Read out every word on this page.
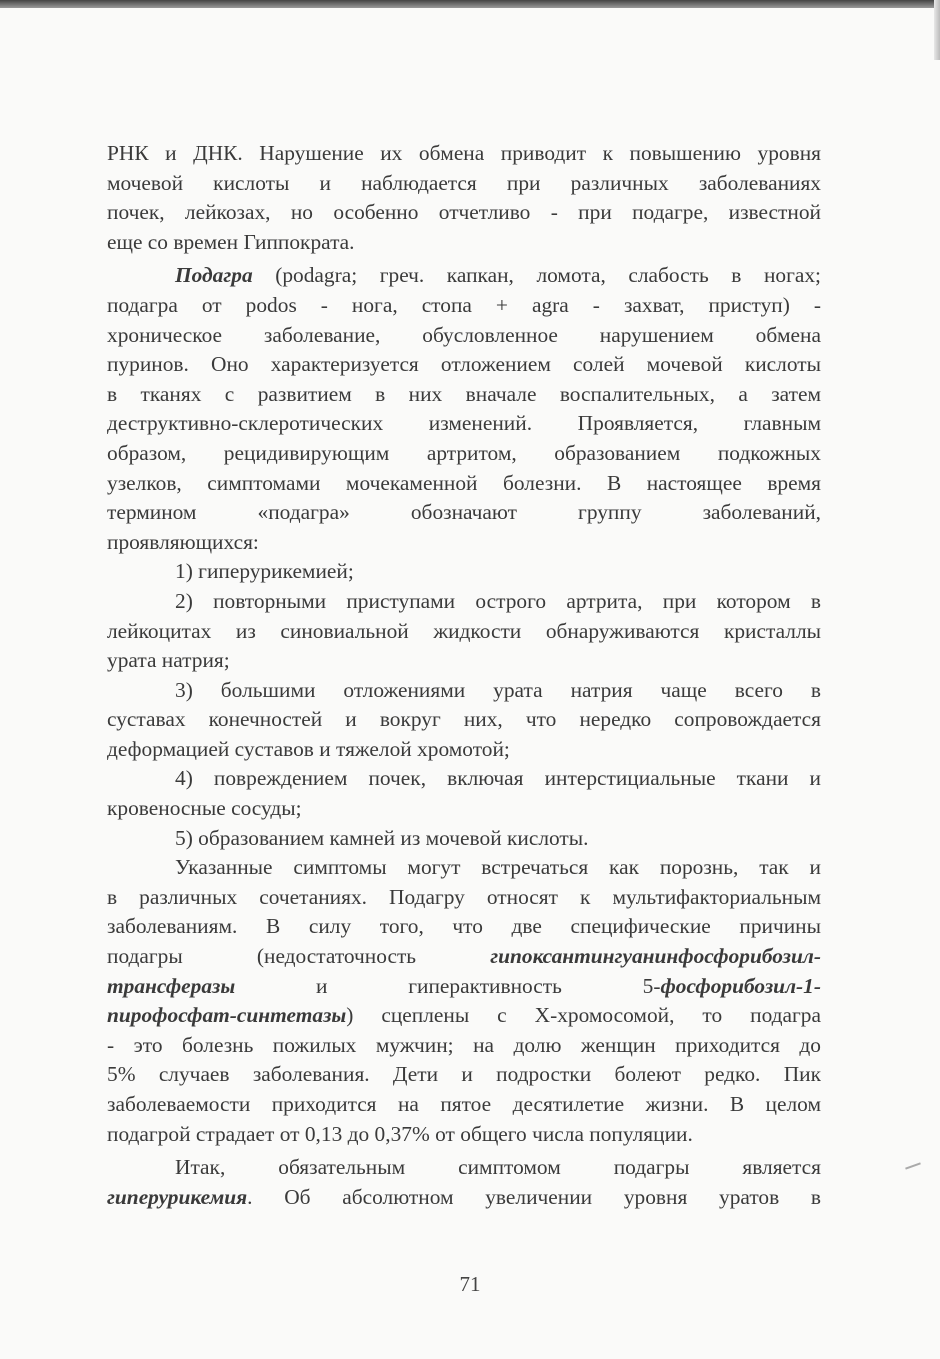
РНК и ДНК. Нарушение их обмена приводит к повышению уровня
мочевой кислоты и наблюдается при различных заболеваниях
почек, лейкозах, но особенно отчетливо - при подагре, известной
еще со времен Гиппократа.
Подагра (podagra; греч. капкан, ломота, слабость в ногах;
подагра от podos - нога, стопа + agra - захват, приступ) -
хроническое заболевание, обусловленное нарушением обмена
пуринов. Оно характеризуется отложением солей мочевой кислоты
в тканях с развитием в них вначале воспалительных, а затем
деструктивно-склеротических изменений. Проявляется, главным
образом, рецидивирующим артритом, образованием подкожных
узелков, симптомами мочекаменной болезни. В настоящее время
термином «подагра» обозначают группу заболеваний,
проявляющихся:
1) гиперурикемией;
2) повторными приступами острого артрита, при котором в
лейкоцитах из синовиальной жидкости обнаруживаются кристаллы
урата натрия;
3) большими отложениями урата натрия чаще всего в
суставах конечностей и вокруг них, что нередко сопровождается
деформацией суставов и тяжелой хромотой;
4) повреждением почек, включая интерстициальные ткани и
кровеносные сосуды;
5) образованием камней из мочевой кислоты.
Указанные симптомы могут встречаться как порознь, так и
в различных сочетаниях. Подагру относят к мультифакториальным
заболеваниям. В силу того, что две специфические причины
подагры (недостаточность гипоксантингуанинфосфорибозил-
трансферазы и гиперактивность 5-фосфорибозил-1-
пирофосфат-синтетазы) сцеплены с Х-хромосомой, то подагра
- это болезнь пожилых мужчин; на долю женщин приходится до
5% случаев заболевания. Дети и подростки болеют редко. Пик
заболеваемости приходится на пятое десятилетие жизни. В целом
подагрой страдает от 0,13 до 0,37% от общего числа популяции.
Итак, обязательным симптомом подагры является
гиперурикемия. Об абсолютном увеличении уровня уратов в
71
